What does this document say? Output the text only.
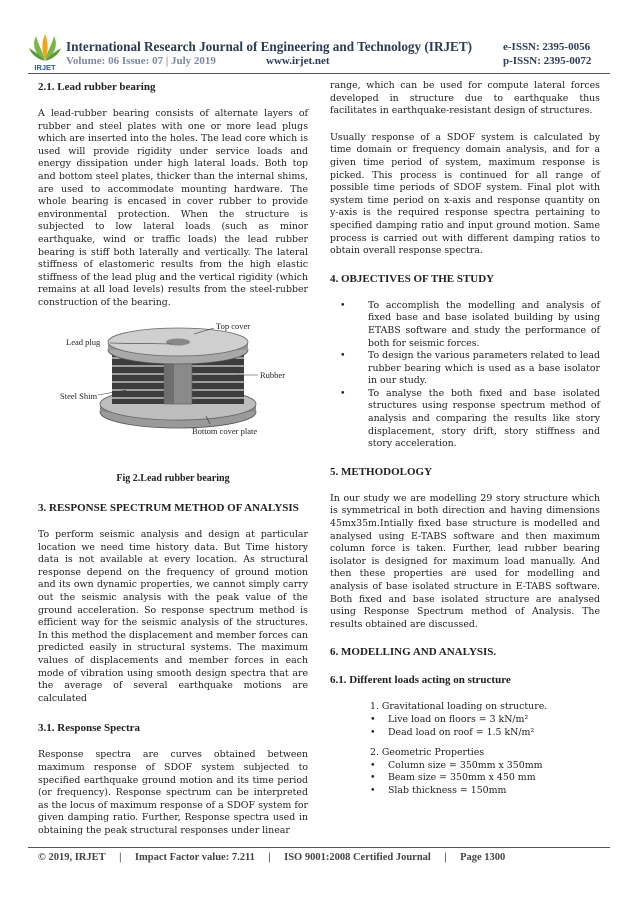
IRJET
International Research Journal of Engineering and Technology (IRJET)
Volume: 06 Issue: 07 | July 2019	www.irjet.net
e-ISSN: 2395-0056
p-ISSN: 2395-0072
2.1. Lead rubber bearing

A lead-rubber bearing consists of alternate layers of rubber and steel plates with one or more lead plugs which are inserted into the holes. The lead core which is used will provide rigidity under service loads and energy dissipation under high lateral loads. Both top and bottom steel plates, thicker than the internal shims, are used to accommodate mounting hardware. The whole bearing is encased in cover rubber to provide environmental protection. When the structure is subjected to low lateral loads (such as minor earthquake, wind or traffic loads) the lead rubber bearing is stiff both laterally and vertically. The lateral stiffness of elastomeric results from the high elastic stiffness of the lead plug and the vertical rigidity (which remains at all load levels) results from the steel-rubber construction of the bearing.

Lead plug
Top cover
Rubber
Steel Shim
Bottom cover plate
Fig 2.Lead rubber bearing
3. RESPONSE SPECTRUM METHOD OF ANALYSIS

To perform seismic analysis and design at particular location we need time history data. But Time history data is not available at every location. As structural response depend on the frequency of ground motion and its own dynamic properties, we cannot simply carry out the seismic analysis with the peak value of the ground acceleration. So response spectrum method is efficient way for the seismic analysis of the structures. In this method the displacement and member forces can predicted easily in structural systems. The maximum values of displacements and member forces in each mode of vibration using smooth design spectra that are the average of several earthquake motions are calculated

3.1. Response Spectra

Response spectra are curves obtained between maximum response of SDOF system subjected to specified earthquake ground motion and its time period (or frequency). Response spectrum can be interpreted as the locus of maximum response of a SDOF system for given damping ratio. Further, Response spectra used in obtaining the peak structural responses under linear

range, which can be used for compute lateral forces developed in structure due to earthquake thus facilitates in earthquake-resistant design of structures.

Usually response of a SDOF system is calculated by time domain or frequency domain analysis, and for a given time period of system, maximum response is picked. This process is continued for all range of possible time periods of SDOF system. Final plot with system time period on x-axis and response quantity on y-axis is the required response spectra pertaining to specified damping ratio and input ground motion. Same process is carried out with different damping ratios to obtain overall response spectra.

4. OBJECTIVES OF THE STUDY
• To accomplish the modelling and analysis of fixed base and base isolated building by using ETABS software and study the performance of both for seismic forces.
• To design the various parameters related to lead rubber bearing which is used as a base isolator in our study.
• To analyse the both fixed and base isolated structures using response spectrum method of analysis and comparing the results like story displacement, story drift, story stiffness and story acceleration.
5. METHODOLOGY

In our study we are modelling 29 story structure which is symmetrical in both direction and having dimensions 45mx35m.Intially fixed base structure is modelled and analysed using E-TABS software and then maximum column force is taken. Further, lead rubber bearing isolator is designed for maximum load manually. And then these properties are used for modelling and analysis of base isolated structure in E-TABS software. Both fixed and base isolated structure are analysed using Response Spectrum method of Analysis. The results obtained are discussed.

6. MODELLING AND ANALYSIS.
6.1. Different loads acting on structure
1. Gravitational loading on structure.
• Live load on floors = 3 kN/m²
• Dead load on roof = 1.5 kN/m²
2. Geometric Properties
• Column size = 350mm x 350mm
• Beam size = 350mm x 450 mm
• Slab thickness = 150mm
© 2019, IRJET | Impact Factor value: 7.211 | ISO 9001:2008 Certified Journal | Page 1300
